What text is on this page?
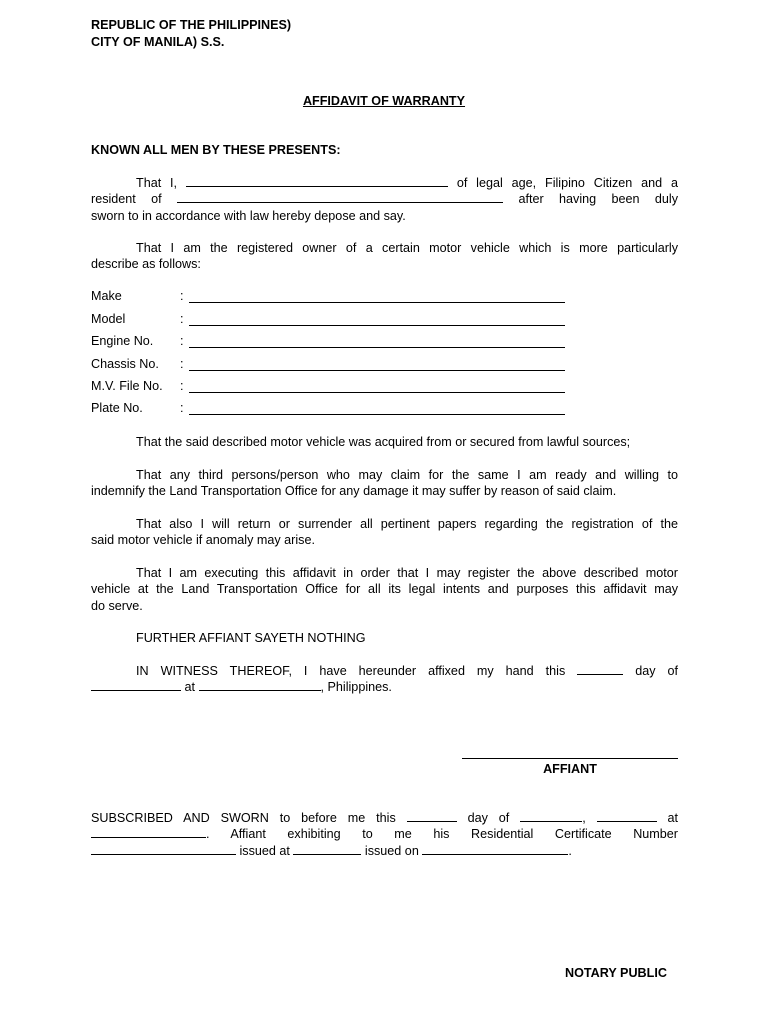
REPUBLIC OF THE PHILIPPINES)
CITY OF MANILA) S.S.
AFFIDAVIT OF WARRANTY
KNOWN ALL MEN BY THESE PRESENTS:
That I,	of legal age, Filipino Citizen and a
resident of	after having been duly
sworn to in accordance with law hereby depose and say.
That I am the registered owner of a certain motor vehicle which is more particularly
describe as follows:
Make	:
Model	:
Engine No. :
Chassis No. :
M.V. File No. :
Plate No.	:
That the said described motor vehicle was acquired from or secured from lawful sources;
That any third persons/person who may claim for the same I am ready and willing to
indemnify the Land Transportation Office for any damage it may suffer by reason of said claim.
That also I will return or surrender all pertinent papers regarding the registration of the
said motor vehicle if anomaly may arise.
That I am executing this affidavit in order that I may register the above described motor
vehicle at the Land Transportation Office for all its legal intents and purposes this affidavit may
do serve.
FURTHER AFFIANT SAYETH NOTHING
IN WITNESS THEREOF, I have hereunder affixed my hand this	day of
at	, Philippines.
AFFIANT
SUBSCRIBED AND SWORN to before me this	day of	,	at
. Affiant exhibiting to me his Residential Certificate Number
issued at	issued on	.
NOTARY PUBLIC
